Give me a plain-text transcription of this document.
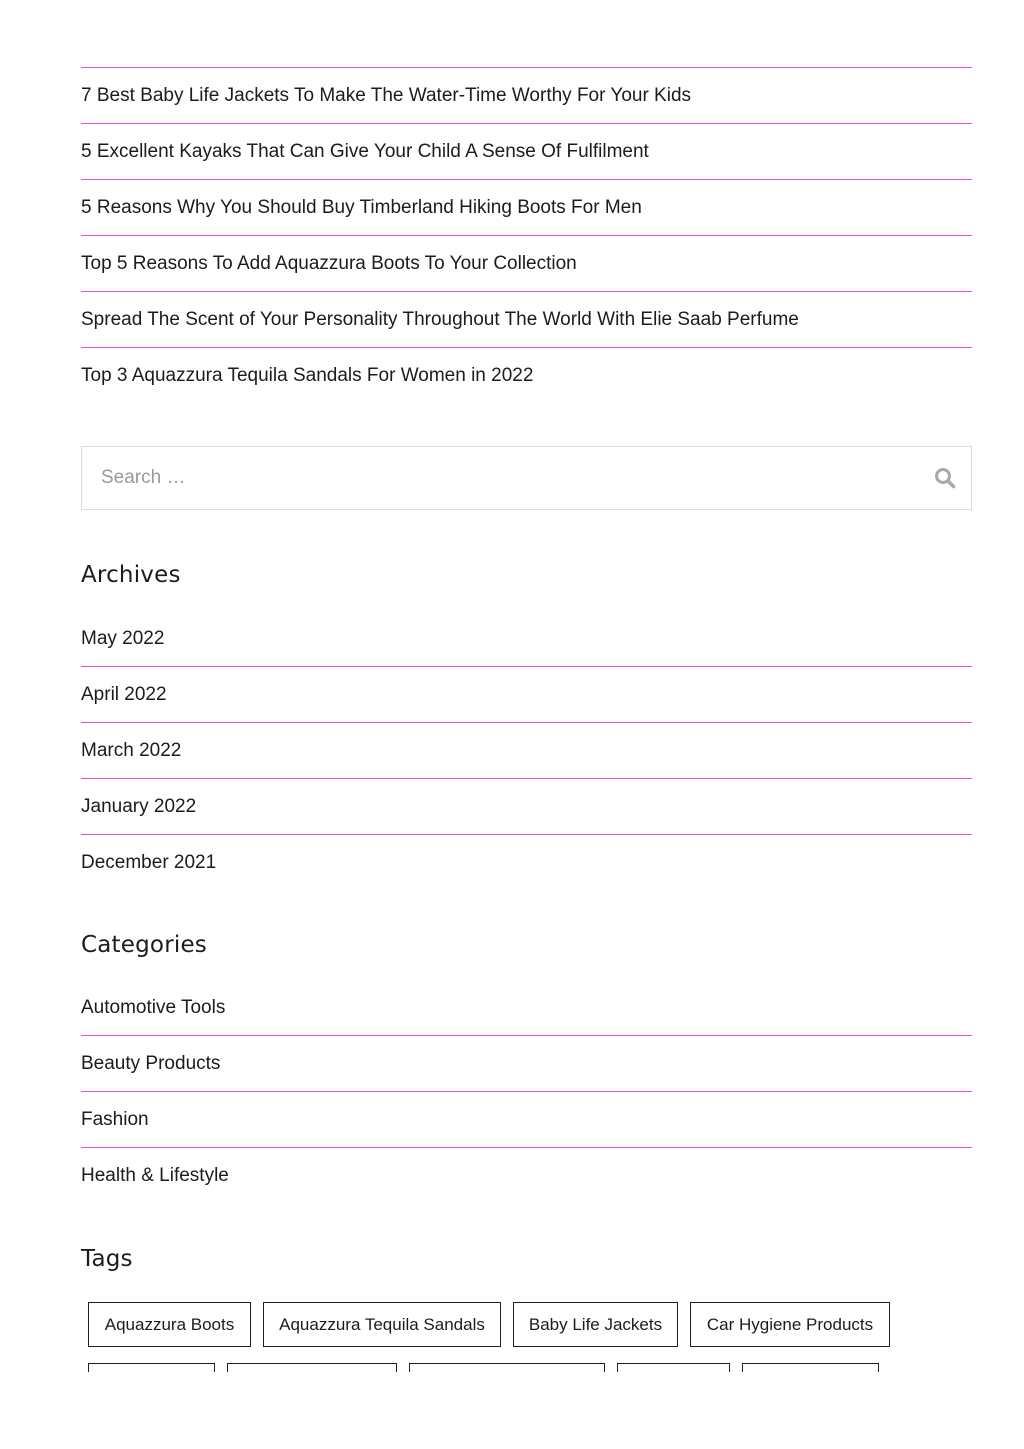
7 Best Baby Life Jackets To Make The Water-Time Worthy For Your Kids
5 Excellent Kayaks That Can Give Your Child A Sense Of Fulfilment
5 Reasons Why You Should Buy Timberland Hiking Boots For Men
Top 5 Reasons To Add Aquazzura Boots To Your Collection
Spread The Scent of Your Personality Throughout The World With Elie Saab Perfume
Top 3 Aquazzura Tequila Sandals For Women in 2022
Search …
Archives
May 2022
April 2022
March 2022
January 2022
December 2021
Categories
Automotive Tools
Beauty Products
Fashion
Health & Lifestyle
Tags
Aquazzura Boots	Aquazzura Tequila Sandals	Baby Life Jackets	Car Hygiene Products
